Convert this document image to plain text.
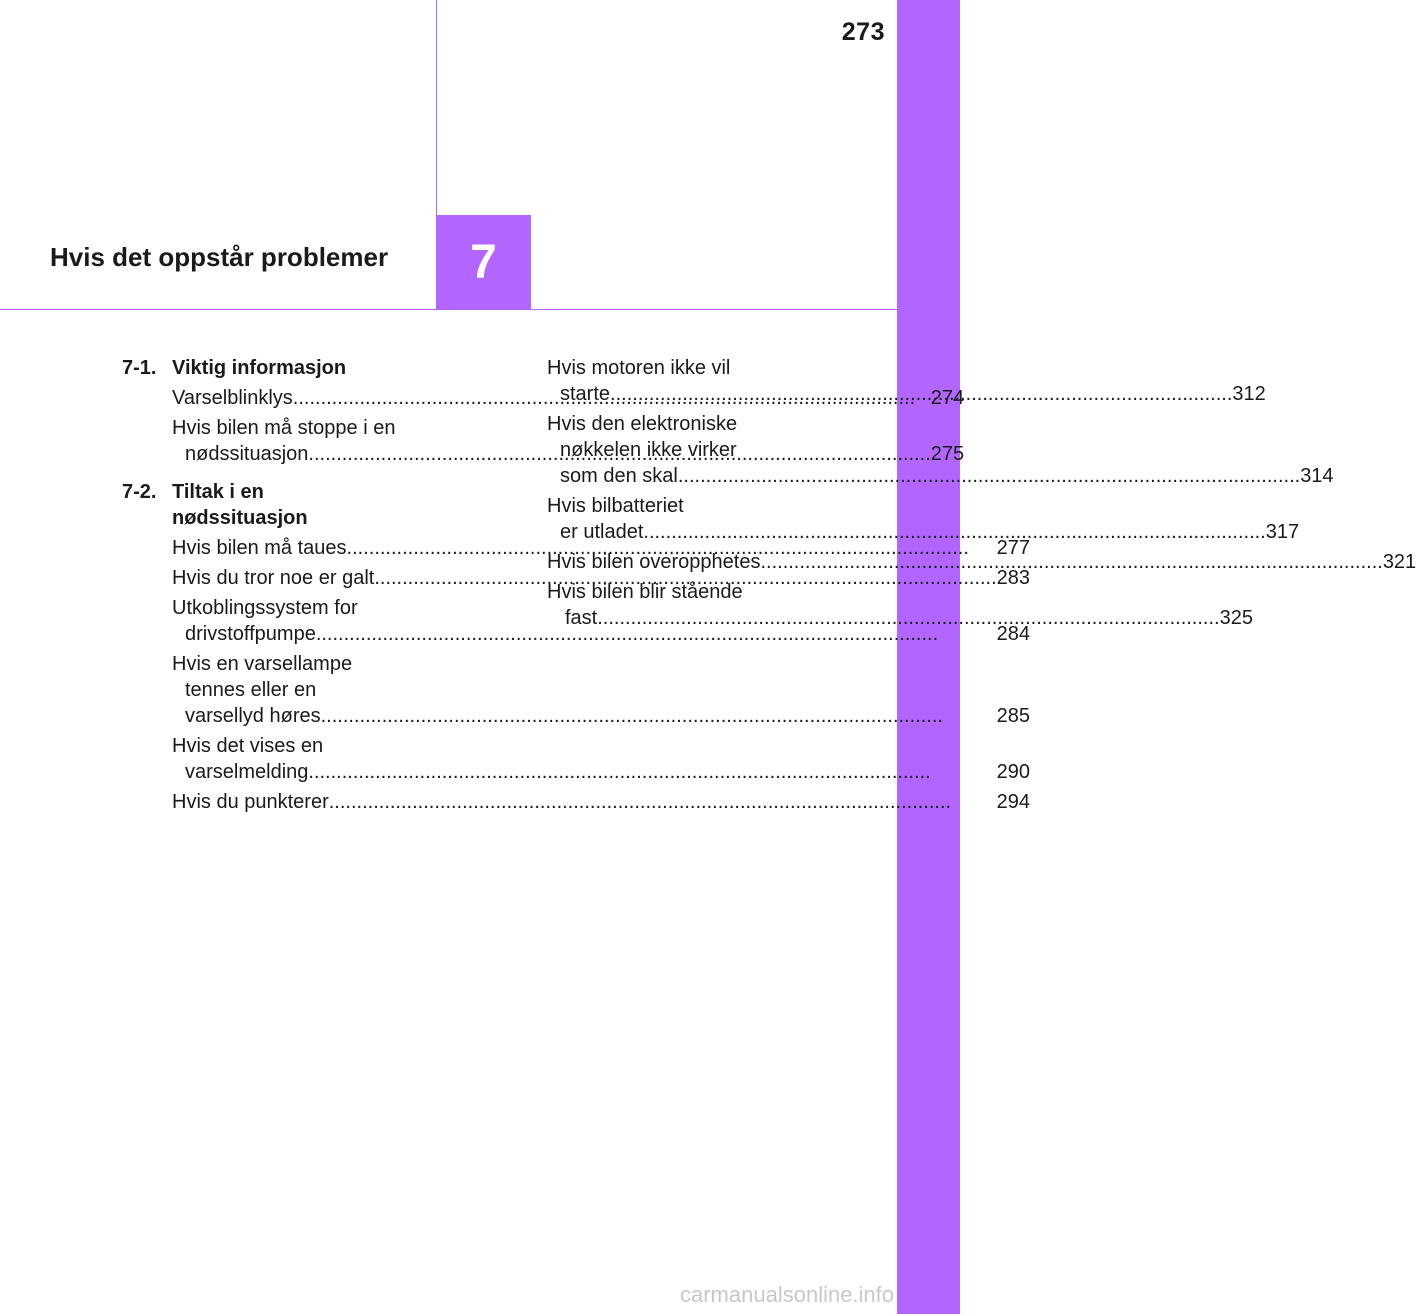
273
Hvis det oppstår problemer 7
7-1. Viktig informasjon
Varselblinklys .....	274
Hvis bilen må stoppe i en
nødssituasjon .....	275
7-2. Tiltak i en
nødssituasjon
Hvis bilen må taues .....	277
Hvis du tror noe er galt .....	283
Utkoblingssystem for
drivstoffpumpe .....	284
Hvis en varsellampe
tennes eller en
varsellyd høres .....	285
Hvis det vises en
varselmelding .....	290
Hvis du punkterer .....	294
Hvis motoren ikke vil
starte .....	312
Hvis den elektroniske
nøkkelen ikke virker
som den skal .....	314
Hvis bilbatteriet
er utladet .....	317
Hvis bilen overopphetes .....	321
Hvis bilen blir stående
fast .....	325
carmanualsonline.info
